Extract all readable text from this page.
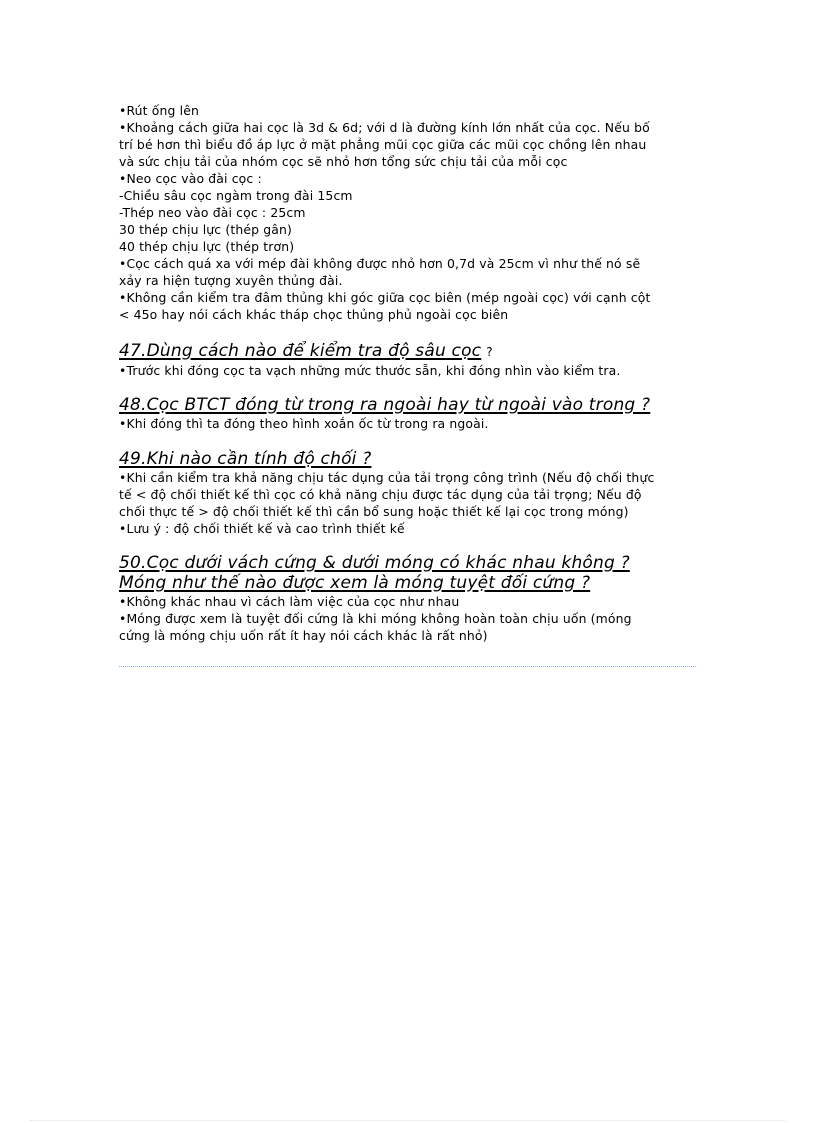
•Rút ống lên

•Khoảng cách giữa hai cọc là 3d & 6d; với d là đường kính lớn nhất của cọc. Nếu bố

trí bé hơn thì biểu đồ áp lực ở mặt phẳng mũi cọc giữa các mũi cọc chồng lên nhau

và sức chịu tải của nhóm cọc sẽ nhỏ hơn tổng sức chịu tải của mỗi cọc

•Neo cọc vào đài cọc :

-Chiều sâu cọc ngàm trong đài 15cm

-Thép neo vào đài cọc : 25cm

30 thép chịu lực (thép gân)

40 thép chịu lực (thép trơn)

•Cọc cách quá xa với mép đài không được nhỏ hơn 0,7d và 25cm vì như thế nó sẽ

xảy ra hiện tượng xuyên thủng đài.

•Không cần kiểm tra đâm thủng khi góc giữa cọc biên (mép ngoài cọc) với cạnh cột

< 45o hay nói cách khác tháp chọc thủng phủ ngoài cọc biên

47.Dùng cách nào để kiểm tra độ sâu cọc ?

•Trước khi đóng cọc ta vạch những mức thước sẵn, khi đóng nhìn vào kiểm tra.

48.Cọc BTCT đóng từ trong ra ngoài hay từ ngoài vào trong ?

•Khi đóng thì ta đóng theo hình xoắn ốc từ trong ra ngoài.

49.Khi nào cần tính độ chối ?

•Khi cần kiểm tra khả năng chịu tác dụng của tải trọng công trình (Nếu độ chối thực

tế < độ chối thiết kế thì cọc có khả năng chịu được tác dụng của tải trọng; Nếu độ

chối thực tế > độ chối thiết kế thì cần bổ sung hoặc thiết kế lại cọc trong móng)

•Lưu ý : độ chối thiết kế và cao trình thiết kế

50.Cọc dưới vách cứng & dưới móng có khác nhau không ?

Móng như thế nào được xem là móng tuyệt đối cứng ?

•Không khác nhau vì cách làm việc của cọc như nhau

•Móng được xem là tuyệt đối cứng là khi móng không hoàn toàn chịu uốn (móng

cứng là móng chịu uốn rất ít hay nói cách khác là rất nhỏ)
